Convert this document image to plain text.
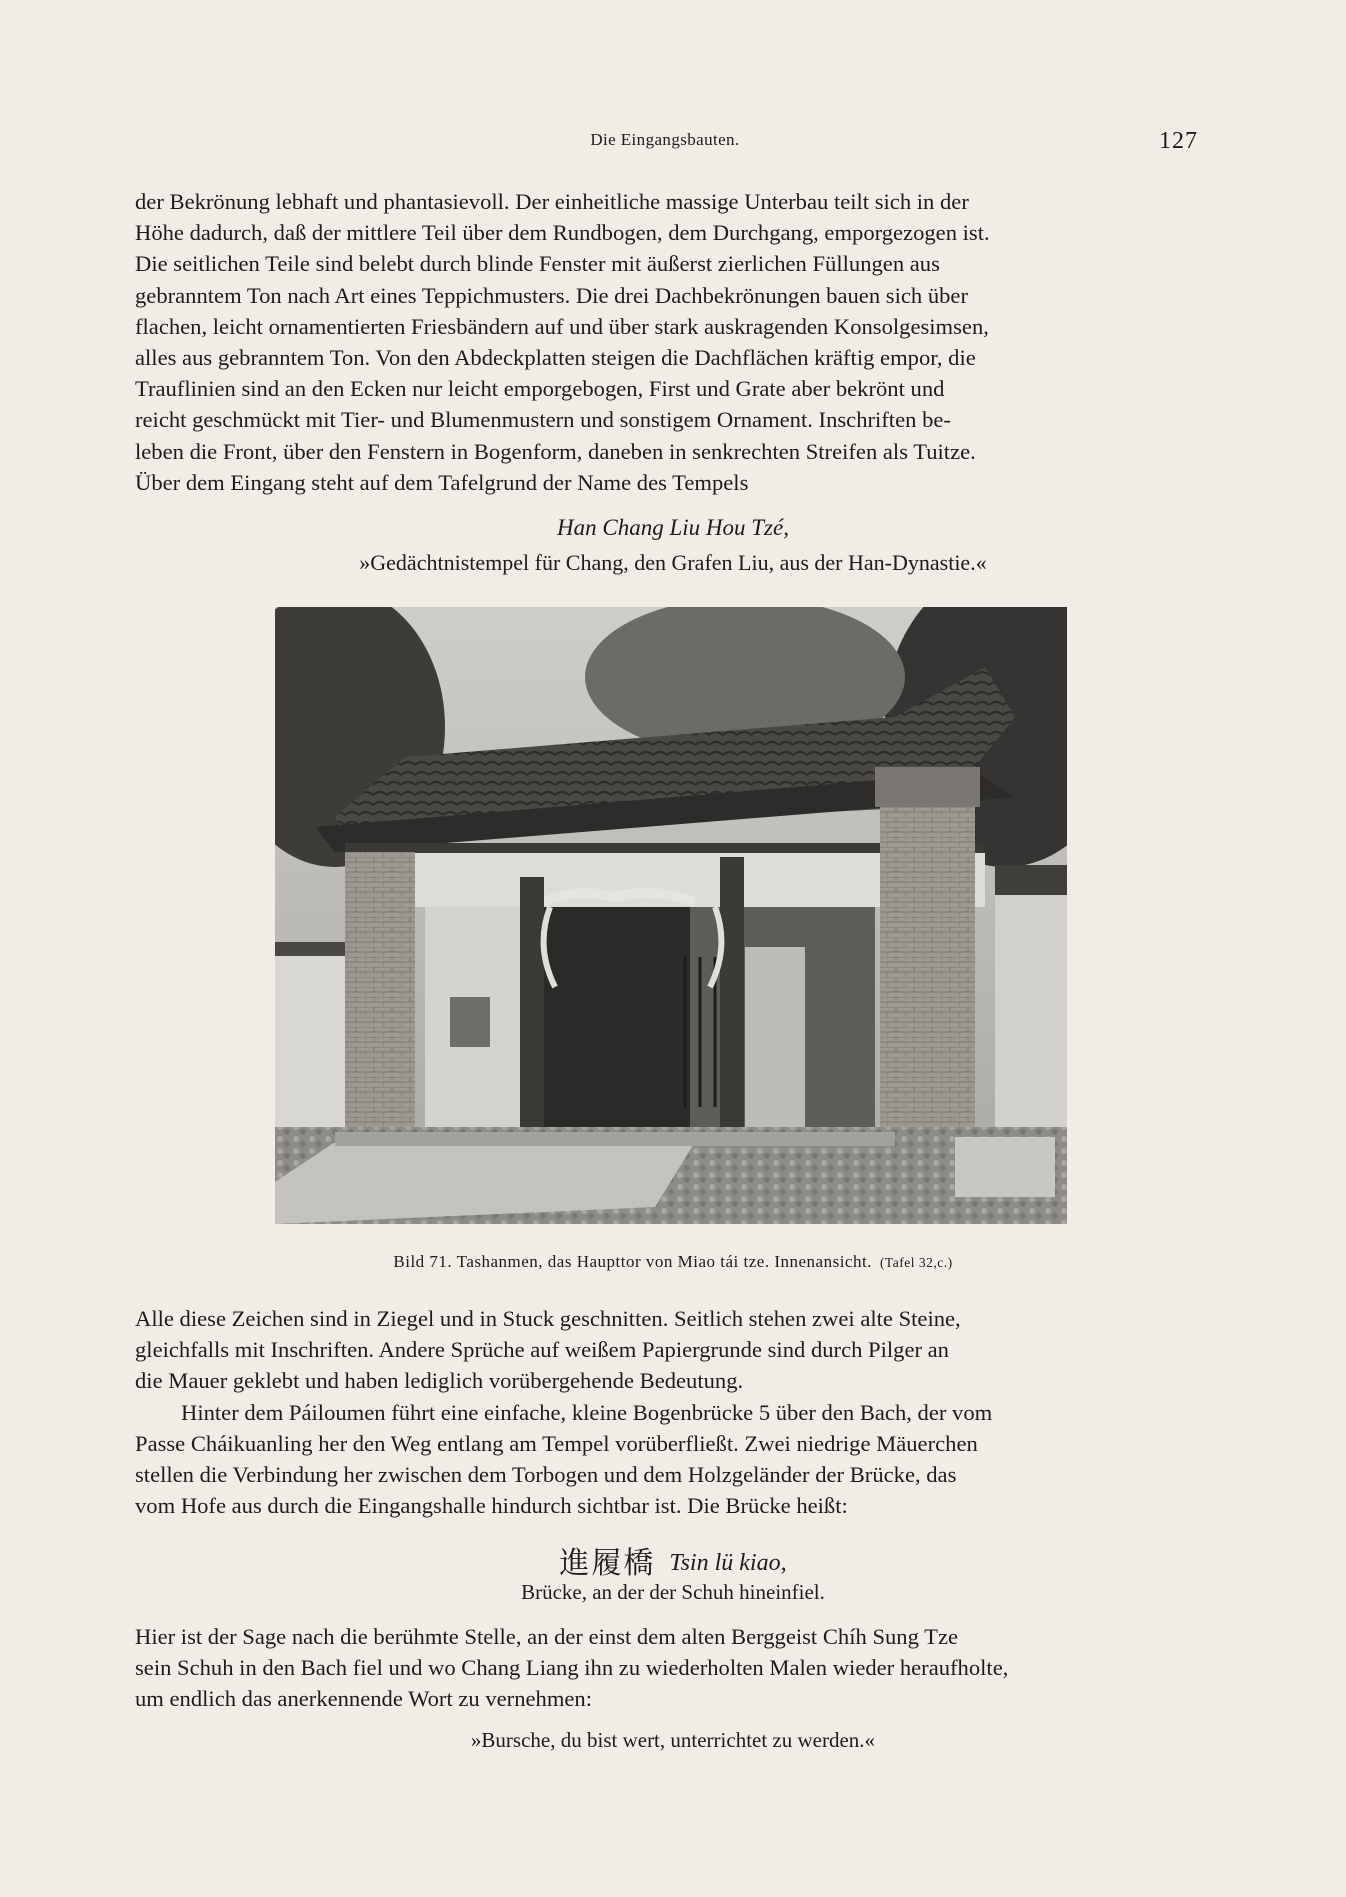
Die Eingangsbauten.	127

der Bekrönung lebhaft und phantasievoll. Der einheitliche massige Unterbau teilt sich in der

Höhe dadurch, daß der mittlere Teil über dem Rundbogen, dem Durchgang, emporgezogen ist.

Die seitlichen Teile sind belebt durch blinde Fenster mit äußerst zierlichen Füllungen aus

gebranntem Ton nach Art eines Teppichmusters. Die drei Dachbekrönungen bauen sich über

flachen, leicht ornamentierten Friesbändern auf und über stark auskragenden Konsolgesimsen,

alles aus gebranntem Ton. Von den Abdeckplatten steigen die Dachflächen kräftig empor, die

Trauflinien sind an den Ecken nur leicht emporgebogen, First und Grate aber bekrönt und

reicht geschmückt mit Tier- und Blumenmustern und sonstigem Ornament. Inschriften be-

leben die Front, über den Fenstern in Bogenform, daneben in senkrechten Streifen als Tuitze.

Über dem Eingang steht auf dem Tafelgrund der Name des Tempels

Han Chang Liu Hou Tzé,
»Gedächtnistempel für Chang, den Grafen Liu, aus der Han-Dynastie.«
Bild 71. Tashanmen, das Haupttor von Miao tái tze. Innenansicht. (Tafel 32,c.)

Alle diese Zeichen sind in Ziegel und in Stuck geschnitten. Seitlich stehen zwei alte Steine,

gleichfalls mit Inschriften. Andere Sprüche auf weißem Papiergrunde sind durch Pilger an

die Mauer geklebt und haben lediglich vorübergehende Bedeutung.

Hinter dem Páiloumen führt eine einfache, kleine Bogenbrücke 5 über den Bach, der vom

Passe Cháikuanling her den Weg entlang am Tempel vorüberfließt. Zwei niedrige Mäuerchen

stellen die Verbindung her zwischen dem Torbogen und dem Holzgeländer der Brücke, das

vom Hofe aus durch die Eingangshalle hindurch sichtbar ist. Die Brücke heißt:

進履橋 Tsin lü kiao,
Brücke, an der der Schuh hineinfiel.

Hier ist der Sage nach die berühmte Stelle, an der einst dem alten Berggeist Chíh Sung Tze

sein Schuh in den Bach fiel und wo Chang Liang ihn zu wiederholten Malen wieder heraufholte,

um endlich das anerkennende Wort zu vernehmen:

»Bursche, du bist wert, unterrichtet zu werden.«
